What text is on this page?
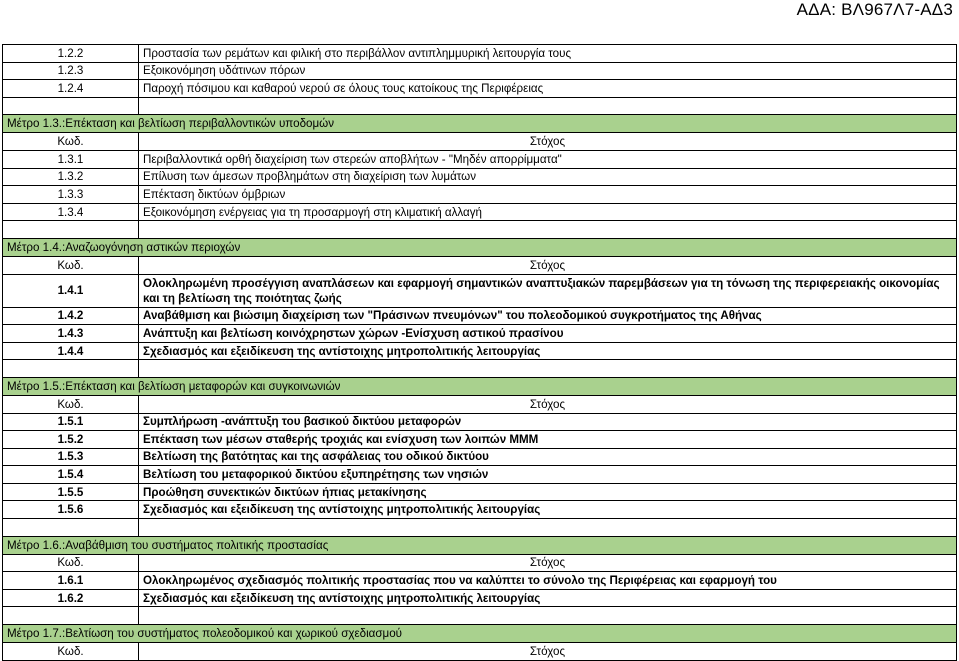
ΑΔΑ: ΒΛ967Λ7-ΑΔ3
1.2.2	Προστασία των ρεμάτων και φιλική στο περιβάλλον αντιπλημμυρική λειτουργία τους
1.2.3	Εξοικονόμηση υδάτινων πόρων
1.2.4	Παροχή πόσιμου και καθαρού νερού σε όλους τους κατοίκους της Περιφέρειας

Μέτρο 1.3.:Επέκταση και βελτίωση περιβαλλοντικών υποδομών	
Κωδ.	Στόχος
1.3.1	Περιβαλλοντικά ορθή διαχείριση των στερεών αποβλήτων - "Μηδέν απορρίμματα"
1.3.2	Επίλυση των άμεσων προβλημάτων στη διαχείριση των λυμάτων
1.3.3	Επέκταση δικτύων όμβριων
1.3.4	Εξοικονόμηση ενέργειας για τη προσαρμογή στη κλιματική αλλαγή

Μέτρο 1.4.:Αναζωογόνηση αστικών περιοχών	
Κωδ.	Στόχος
1.4.1	Ολοκληρωμένη προσέγγιση αναπλάσεων και εφαρμογή σημαντικών αναπτυξιακών παρεμβάσεων για τη τόνωση της περιφερειακής οικονομίας και τη βελτίωση της ποιότητας ζωής
1.4.2	Αναβάθμιση και βιώσιμη διαχείριση των "Πράσινων πνευμόνων" του πολεοδομικού συγκροτήματος της Αθήνας
1.4.3	Ανάπτυξη και βελτίωση κοινόχρηστων χώρων -Ενίσχυση αστικού πρασίνου
1.4.4	Σχεδιασμός και εξειδίκευση της αντίστοιχης μητροπολιτικής λειτουργίας

Μέτρο 1.5.:Επέκταση και βελτίωση μεταφορών και συγκοινωνιών	
Κωδ.	Στόχος
1.5.1	Συμπλήρωση -ανάπτυξη του βασικού δικτύου μεταφορών
1.5.2	Επέκταση των μέσων σταθερής τροχιάς και ενίσχυση των λοιπών ΜΜΜ
1.5.3	Βελτίωση της βατότητας και της ασφάλειας του οδικού δικτύου
1.5.4	Βελτίωση του μεταφορικού δικτύου εξυπηρέτησης των νησιών
1.5.5	Προώθηση συνεκτικών δικτύων ήπιας μετακίνησης
1.5.6	Σχεδιασμός και εξειδίκευση της αντίστοιχης μητροπολιτικής λειτουργίας

Μέτρο 1.6.:Αναβάθμιση του συστήματος πολιτικής προστασίας	
Κωδ.	Στόχος
1.6.1	Ολοκληρωμένος σχεδιασμός πολιτικής προστασίας που να καλύπτει το σύνολο της Περιφέρειας και εφαρμογή του
1.6.2	Σχεδιασμός και εξειδίκευση της αντίστοιχης μητροπολιτικής λειτουργίας

Μέτρο 1.7.:Βελτίωση του συστήματος πολεοδομικού και χωρικού σχεδιασμού	
Κωδ.	Στόχος
